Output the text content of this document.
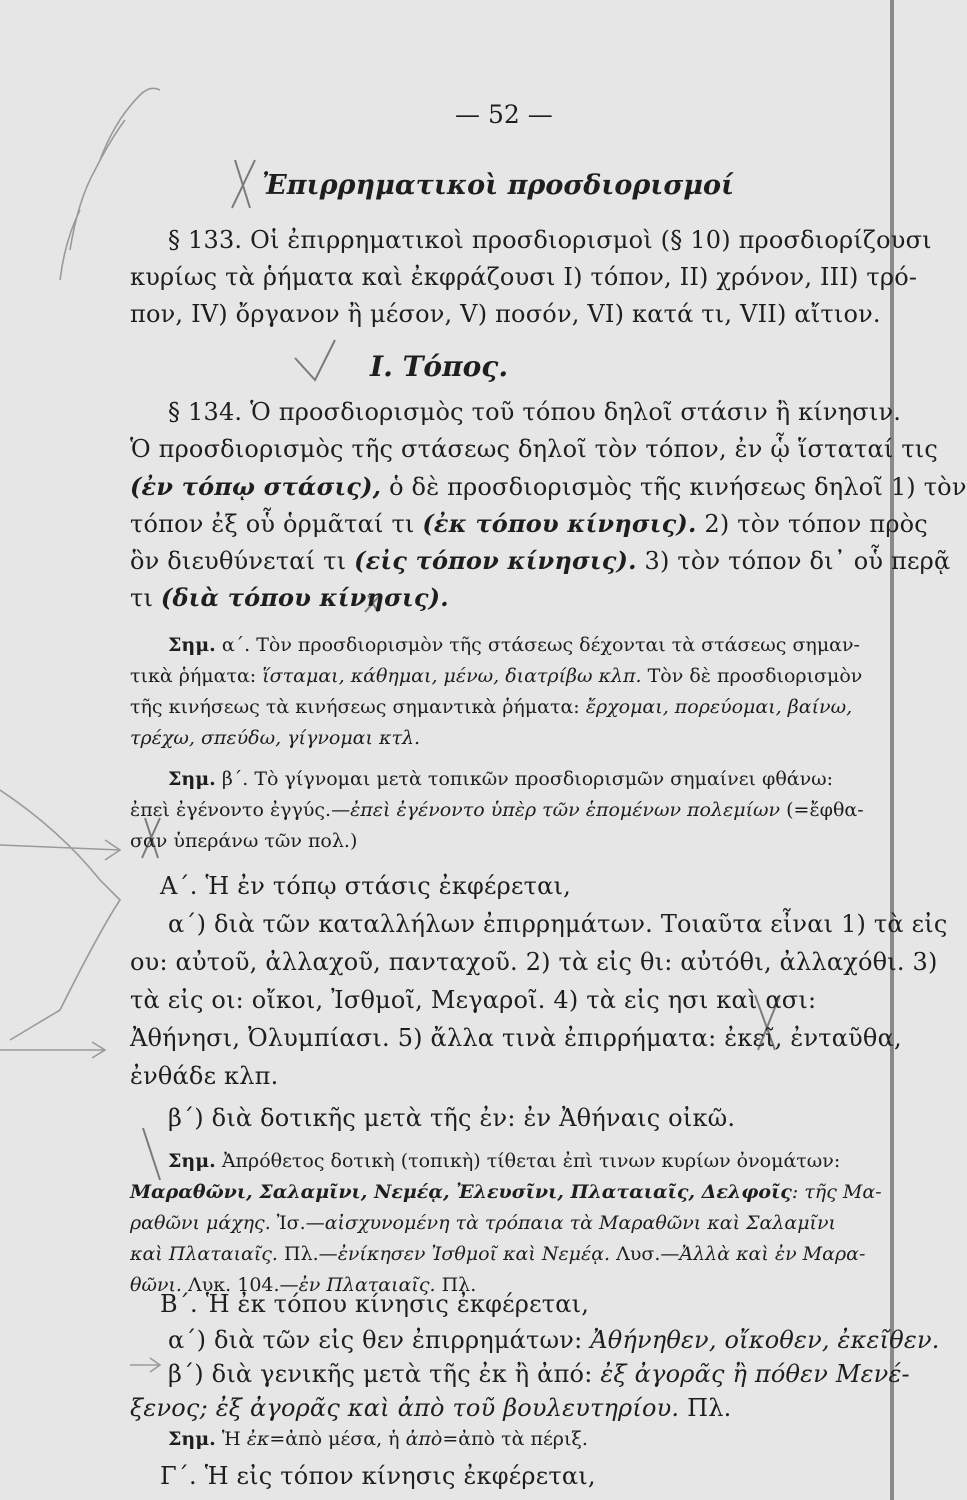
— 52 —
Ἐπιρρηματικοὶ προσδιορισμοί
§ 133. Οἱ ἐπιρρηματικοὶ προσδιορισμοὶ (§ 10) προσδιορίζουσι
κυρίως τὰ ῥήματα καὶ ἐκφράζουσι I) τόπον, II) χρόνον, III) τρό-
πον, IV) ὄργανον ἢ μέσον, V) ποσόν, VI) κατά τι, VII) αἴτιον.
I. Τόπος.
§ 134. Ὁ προσδιορισμὸς τοῦ τόπου δηλοῖ στάσιν ἢ κίνησιν.
Ὁ προσδιορισμὸς τῆς στάσεως δηλοῖ τὸν τόπον, ἐν ᾧ ἵσταταί τις
(ἐν τόπῳ στάσις), ὁ δὲ προσδιορισμὸς τῆς κινήσεως δηλοῖ 1) τὸν
τόπον ἐξ οὗ ὁρμᾶταί τι (ἐκ τόπου κίνησις). 2) τὸν τόπον πρὸς
ὃν διευθύνεταί τι (εἰς τόπον κίνησις). 3) τὸν τόπον δι᾽ οὗ περᾷ
τι (διὰ τόπου κίνησις).
Σημ. α΄. Τὸν προσδιορισμὸν τῆς στάσεως δέχονται τὰ στάσεως σημαν-
τικὰ ῥήματα: ἵσταμαι, κάθημαι, μένω, διατρίβω κλπ. Τὸν δὲ προσδιορισμὸν
τῆς κινήσεως τὰ κινήσεως σημαντικὰ ῥήματα: ἔρχομαι, πορεύομαι, βαίνω,
τρέχω, σπεύδω, γίγνομαι κτλ.
Σημ. β΄. Τὸ γίγνομαι μετὰ τοπικῶν προσδιορισμῶν σημαίνει φθάνω:
ἐπεὶ ἐγένοντο ἐγγύς.—ἐπεὶ ἐγένοντο ὑπὲρ τῶν ἑπομένων πολεμίων (=ἔφθα-
σαν ὑπεράνω τῶν πολ.)
Α΄. Ἡ ἐν τόπῳ στάσις ἐκφέρεται,
α΄) διὰ τῶν καταλλήλων ἐπιρρημάτων. Τοιαῦτα εἶναι 1) τὰ εἰς
ου: αὐτοῦ, ἀλλαχοῦ, πανταχοῦ. 2) τὰ εἰς θι: αὐτόθι, ἀλλαχόθι. 3)
τὰ εἰς οι: οἴκοι, Ἰσθμοῖ, Μεγαροῖ. 4) τὰ εἰς ησι καὶ ασι:
Ἀθήνησι, Ὀλυμπίασι. 5) ἄλλα τινὰ ἐπιρρήματα: ἐκεῖ, ἐνταῦθα,
ἐνθάδε κλπ.
β΄) διὰ δοτικῆς μετὰ τῆς ἐν: ἐν Ἀθήναις οἰκῶ.
Σημ. Ἀπρόθετος δοτικὴ (τοπικὴ) τίθεται ἐπὶ τινων κυρίων ὀνομάτων:
Μαραθῶνι, Σαλαμῖνι, Νεμέᾳ, Ἐλευσῖνι, Πλαταιαῖς, Δελφοῖς: τῆς Μα-
ραθῶνι μάχης. Ἰσ.—αἰσχυνομένη τὰ τρόπαια τὰ Μαραθῶνι καὶ Σαλαμῖνι
καὶ Πλαταιαῖς. Πλ.—ἐνίκησεν Ἰσθμοῖ καὶ Νεμέᾳ. Λυσ.—Ἀλλὰ καὶ ἐν Μαρα-
θῶνι. Λυκ. 104.—ἐν Πλαταιαῖς. Πλ.
Β΄. Ἡ ἐκ τόπου κίνησις ἐκφέρεται,
α΄) διὰ τῶν εἰς θεν ἐπιρρημάτων: Ἀθήνηθεν, οἴκοθεν, ἐκεῖθεν.
β΄) διὰ γενικῆς μετὰ τῆς ἐκ ἢ ἀπό: ἐξ ἀγορᾶς ἢ πόθεν Μενέ-
ξενος; ἐξ ἀγορᾶς καὶ ἀπὸ τοῦ βουλευτηρίου. Πλ.
Σημ. Ἡ ἐκ=ἀπὸ μέσα, ἡ ἀπὸ=ἀπὸ τὰ πέριξ.
Γ΄. Ἡ εἰς τόπον κίνησις ἐκφέρεται,
